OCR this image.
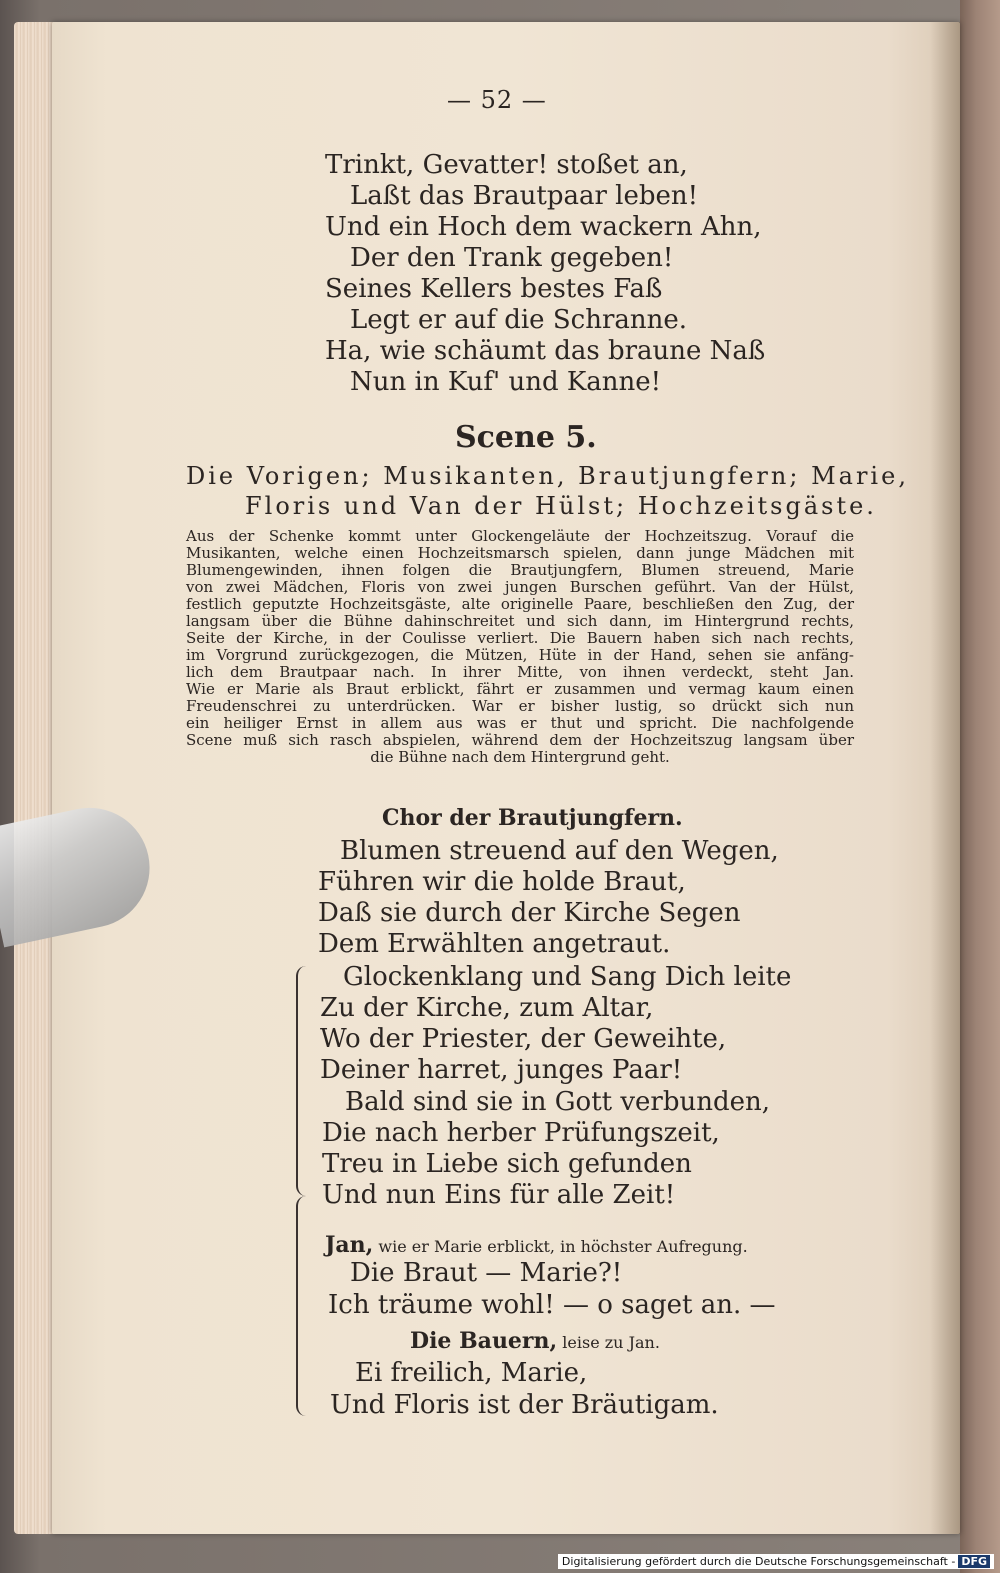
— 52 —
Trinkt, Gevatter! stoßet an,
Laßt das Brautpaar leben!
Und ein Hoch dem wackern Ahn,
Der den Trank gegeben!
Seines Kellers bestes Faß
Legt er auf die Schranne.
Ha, wie schäumt das braune Naß
Nun in Kuf' und Kanne!
Scene 5.
Die Vorigen; Musikanten, Brautjungfern; Marie,
Floris und Van der Hülst; Hochzeitsgäste.
Aus der Schenke kommt unter Glockengeläute der Hochzeitszug. Vorauf die
Musikanten, welche einen Hochzeitsmarsch spielen, dann junge Mädchen mit
Blumengewinden, ihnen folgen die Brautjungfern, Blumen streuend, Marie
von zwei Mädchen, Floris von zwei jungen Burschen geführt. Van der Hülst,
festlich geputzte Hochzeitsgäste, alte originelle Paare, beschließen den Zug, der
langsam über die Bühne dahinschreitet und sich dann, im Hintergrund rechts,
Seite der Kirche, in der Coulisse verliert. Die Bauern haben sich nach rechts,
im Vorgrund zurückgezogen, die Mützen, Hüte in der Hand, sehen sie anfäng-
lich dem Brautpaar nach. In ihrer Mitte, von ihnen verdeckt, steht Jan.
Wie er Marie als Braut erblickt, fährt er zusammen und vermag kaum einen
Freudenschrei zu unterdrücken. War er bisher lustig, so drückt sich nun
ein heiliger Ernst in allem aus was er thut und spricht. Die nachfolgende
Scene muß sich rasch abspielen, während dem der Hochzeitszug langsam über
die Bühne nach dem Hintergrund geht.
Chor der Brautjungfern.
Blumen streuend auf den Wegen,
Führen wir die holde Braut,
Daß sie durch der Kirche Segen
Dem Erwählten angetraut.
Glockenklang und Sang Dich leite
Zu der Kirche, zum Altar,
Wo der Priester, der Geweihte,
Deiner harret, junges Paar!
Bald sind sie in Gott verbunden,
Die nach herber Prüfungszeit,
Treu in Liebe sich gefunden
Und nun Eins für alle Zeit!
Jan, wie er Marie erblickt, in höchster Aufregung.
Die Braut — Marie?!
Ich träume wohl! — o saget an. —
Die Bauern, leise zu Jan.
Ei freilich, Marie,
Und Floris ist der Bräutigam.
Digitalisierung gefördert durch die Deutsche Forschungsgemeinschaft - DFG
